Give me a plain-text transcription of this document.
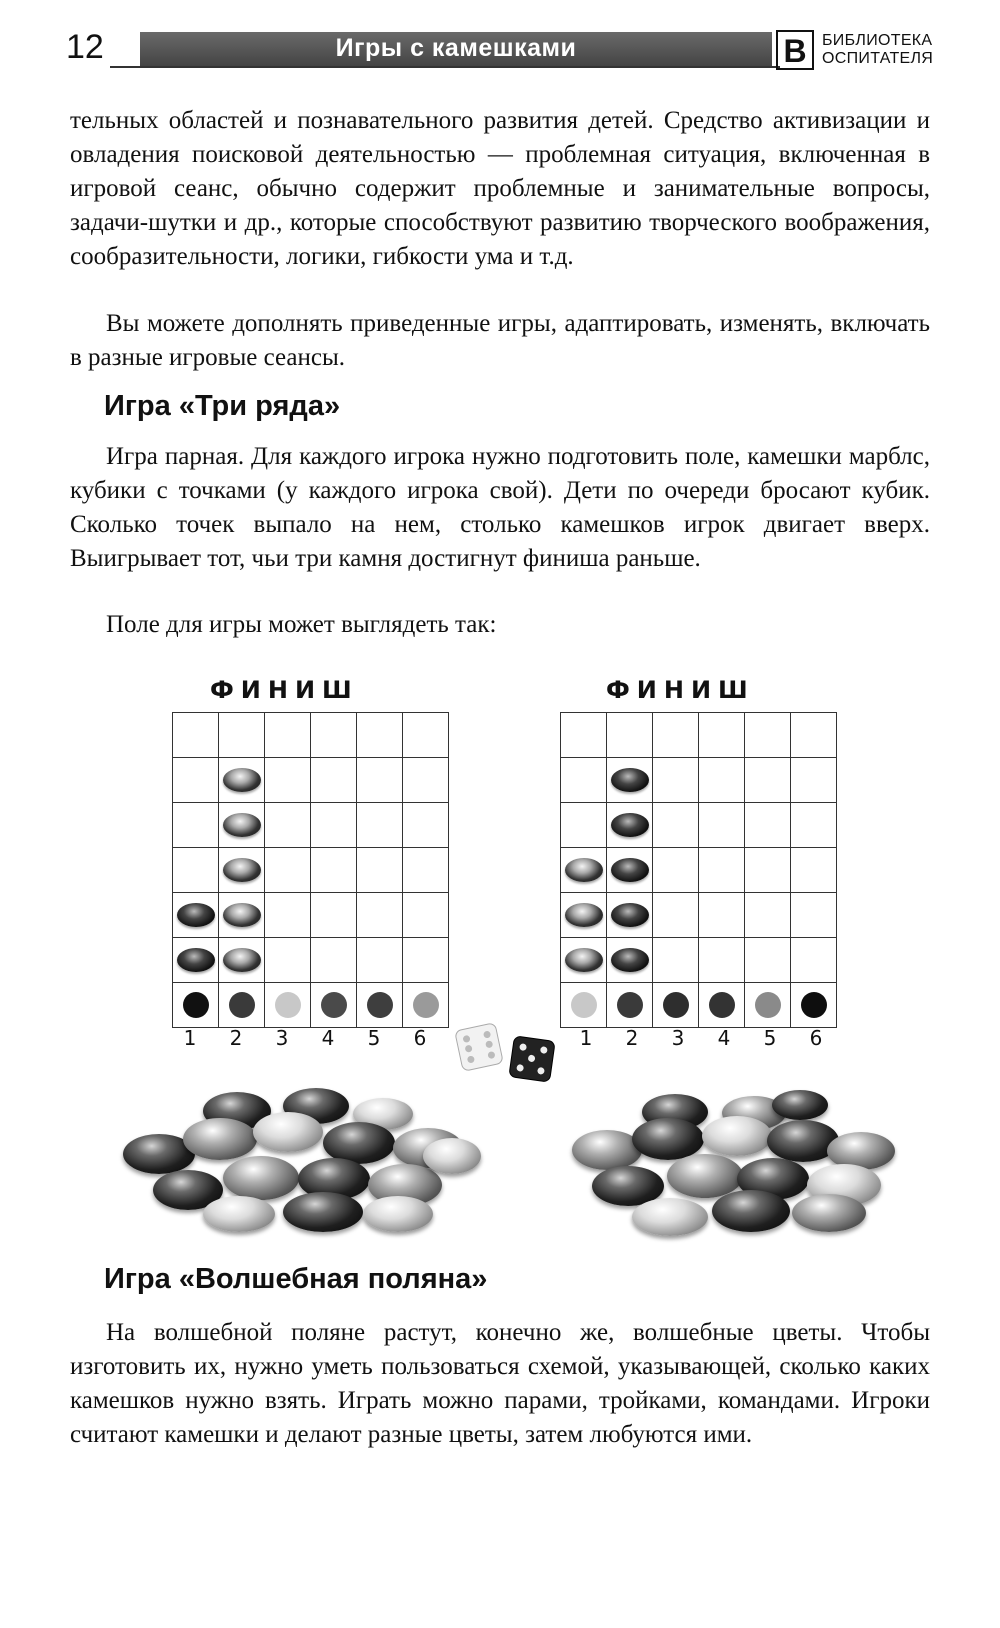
12	Игры с камешками	В БИБЛИОТЕКА
ОСПИТАТЕЛЯ
тельных областей и познавательного развития детей. Средство активизации и овладения поисковой деятельностью — проблемная ситуация, включенная в игровой сеанс, обычно содержит проблемные и занимательные вопросы, задачи-шутки и др., которые способствуют развитию творческого воображения, сообразительности, логики, гибкости ума и т.д.
Вы можете дополнять приведенные игры, адаптировать, изменять, включать в разные игровые сеансы.
Игра «Три ряда»
Игра парная. Для каждого игрока нужно подготовить поле, камешки марблс, кубики с точками (у каждого игрока свой). Дети по очереди бросают кубик. Сколько точек выпало на нем, столько камешков игрок двигает вверх. Выигрывает тот, чьи три камня достигнут финиша раньше.
Поле для игры может выглядеть так:
ФИНИШ	ФИНИШ
1	2	3	4	5	6	1	2	3	4	5	6
Игра «Волшебная поляна»
На волшебной поляне растут, конечно же, волшебные цветы. Чтобы изготовить их, нужно уметь пользоваться схемой, указывающей, сколько каких камешков нужно взять. Играть можно парами, тройками, командами. Игроки считают камешки и делают разные цветы, затем любуются ими.
